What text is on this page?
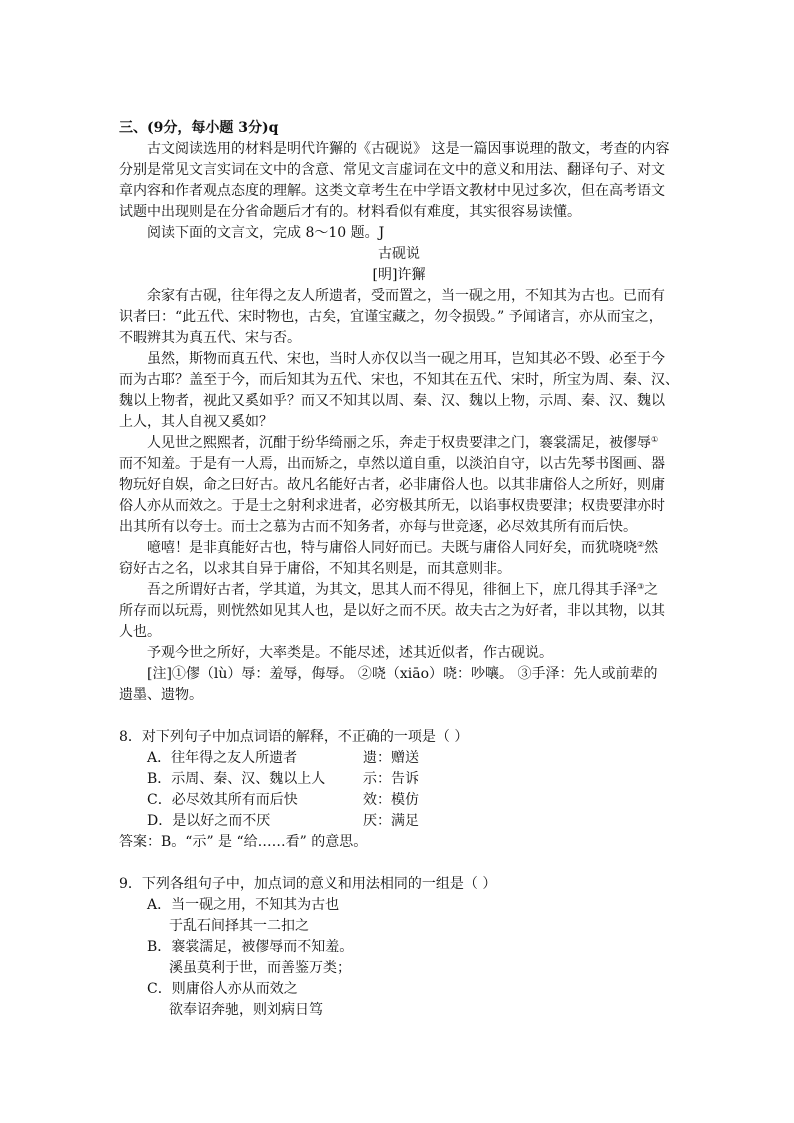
三、(9分，每小题 3分)q
古文阅读选用的材料是明代许獬的《古砚说》 这是一篇因事说理的散文，考查的内容
分别是常见文言实词在文中的含意、常见文言虚词在文中的意义和用法、翻译句子、对文
章内容和作者观点态度的理解。这类文章考生在中学语文教材中见过多次，但在高考语文
试题中出现则是在分省命题后才有的。材料看似有难度，其实很容易读懂。
阅读下面的文言文，完成 8～10 题。J
古砚说
[明]许獬
余家有古砚，往年得之友人所遗者，受而置之，当一砚之用，不知其为古也。已而有
识者曰：“此五代、宋时物也，古矣，宜谨宝藏之，勿令损毁。” 予闻诸言，亦从而宝之，
不暇辨其为真五代、宋与否。
虽然，斯物而真五代、宋也，当时人亦仅以当一砚之用耳，岂知其必不毁、必至于今
而为古耶？盖至于今，而后知其为五代、宋也，不知其在五代、宋时，所宝为周、秦、汉、
魏以上物者，视此又奚如乎？而又不知其以周、秦、汉、魏以上物，示周、秦、汉、魏以
上人，其人自视又奚如？
人见世之熙熙者，沉酣于纷华绮丽之乐，奔走于权贵要津之门，褰裳濡足，被僇辱①
而不知羞。于是有一人焉，出而矫之，卓然以道自重，以淡泊自守，以古先琴书图画、器
物玩好自娱，命之曰好古。故凡名能好古者，必非庸俗人也。以其非庸俗人之所好，则庸
俗人亦从而效之。于是士之射利求进者，必穷极其所无，以谄事权贵要津；权贵要津亦时
出其所有以夸士。而士之慕为古而不知务者，亦每与世竞逐，必尽效其所有而后快。
噫嘻！是非真能好古也，特与庸俗人同好而已。夫既与庸俗人同好矣，而犹哓哓②然
窃好古之名，以求其自异于庸俗，不知其名则是，而其意则非。
吾之所谓好古者，学其道，为其文，思其人而不得见，徘徊上下，庶几得其手泽③之
所存而以玩焉，则恍然如见其人也，是以好之而不厌。故夫古之为好者，非以其物，以其
人也。
予观今世之所好，大率类是。不能尽述，述其近似者，作古砚说。
[注]①僇（lù）辱：羞辱，侮辱。 ②哓（xiāo）哓：吵嚷。 ③手泽：先人或前辈的
遗墨、遗物。
8．对下列句子中加点词语的解释，不正确的一项是（ ）
A．往年得之友人所遗者	遗：赠送
B．示周、秦、汉、魏以上人	示：告诉
C．必尽效其所有而后快	效：模仿
D．是以好之而不厌	厌：满足
答案：B。“示” 是 “给……看” 的意思。
9．下列各组句子中，加点词的意义和用法相同的一组是（ ）
A．当一砚之用，不知其为古也
于乱石间择其一二扣之
B．褰裳濡足，被僇辱而不知羞。
溪虽莫利于世，而善鉴万类；
C．则庸俗人亦从而效之
欲奉诏奔驰，则刘病日笃
